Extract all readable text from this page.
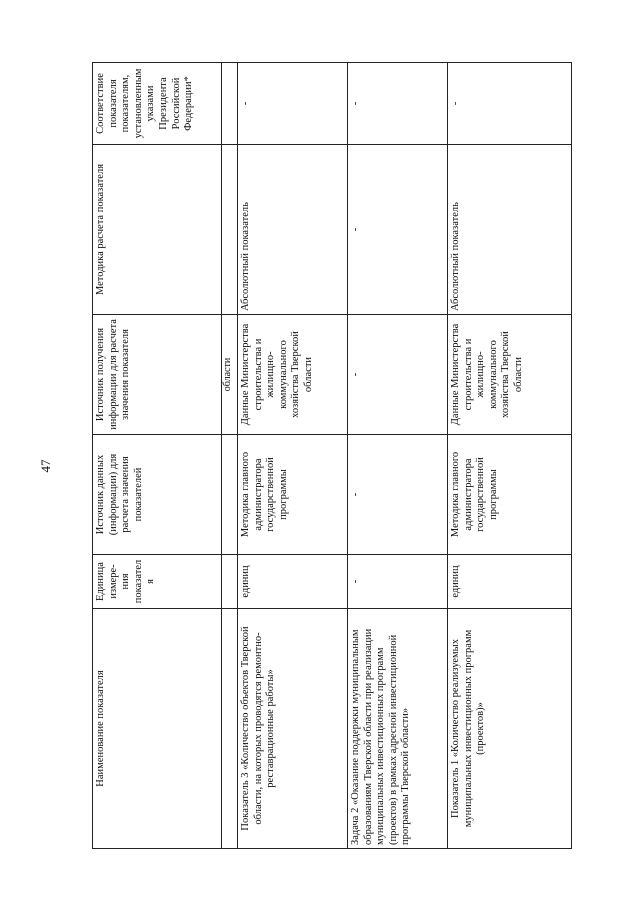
47
Наименование показателя	Единица измере-ния показателя	Источник данных (информации) для расчета значения показателей	Источник получения информации для расчета значения показателя	Методика расчета показателя	Соответствие показателя показателям, установленным указами Президента Российской Федерации*
			области		
Показатель 3 «Количество объектов Тверской области, на которых проводятся ремонтно-реставрационные работы»	единиц	Методика главного администратора государственной программы	Данные Министерства строительства и жилищно-коммунального хозяйства Тверской области	Абсолютный показатель	-
Задача 2 «Оказание поддержки муниципальным образованиям Тверской области при реализации муниципальных инвестиционных программ (проектов) в рамках адресной инвестиционной программы Тверской области»	-	-	-	-	-
Показатель 1 «Количество реализуемых муниципальных инвестиционных программ (проектов)»	единиц	Методика главного администратора государственной программы	Данные Министерства строительства и жилищно-коммунального хозяйства Тверской области	Абсолютный показатель	-
